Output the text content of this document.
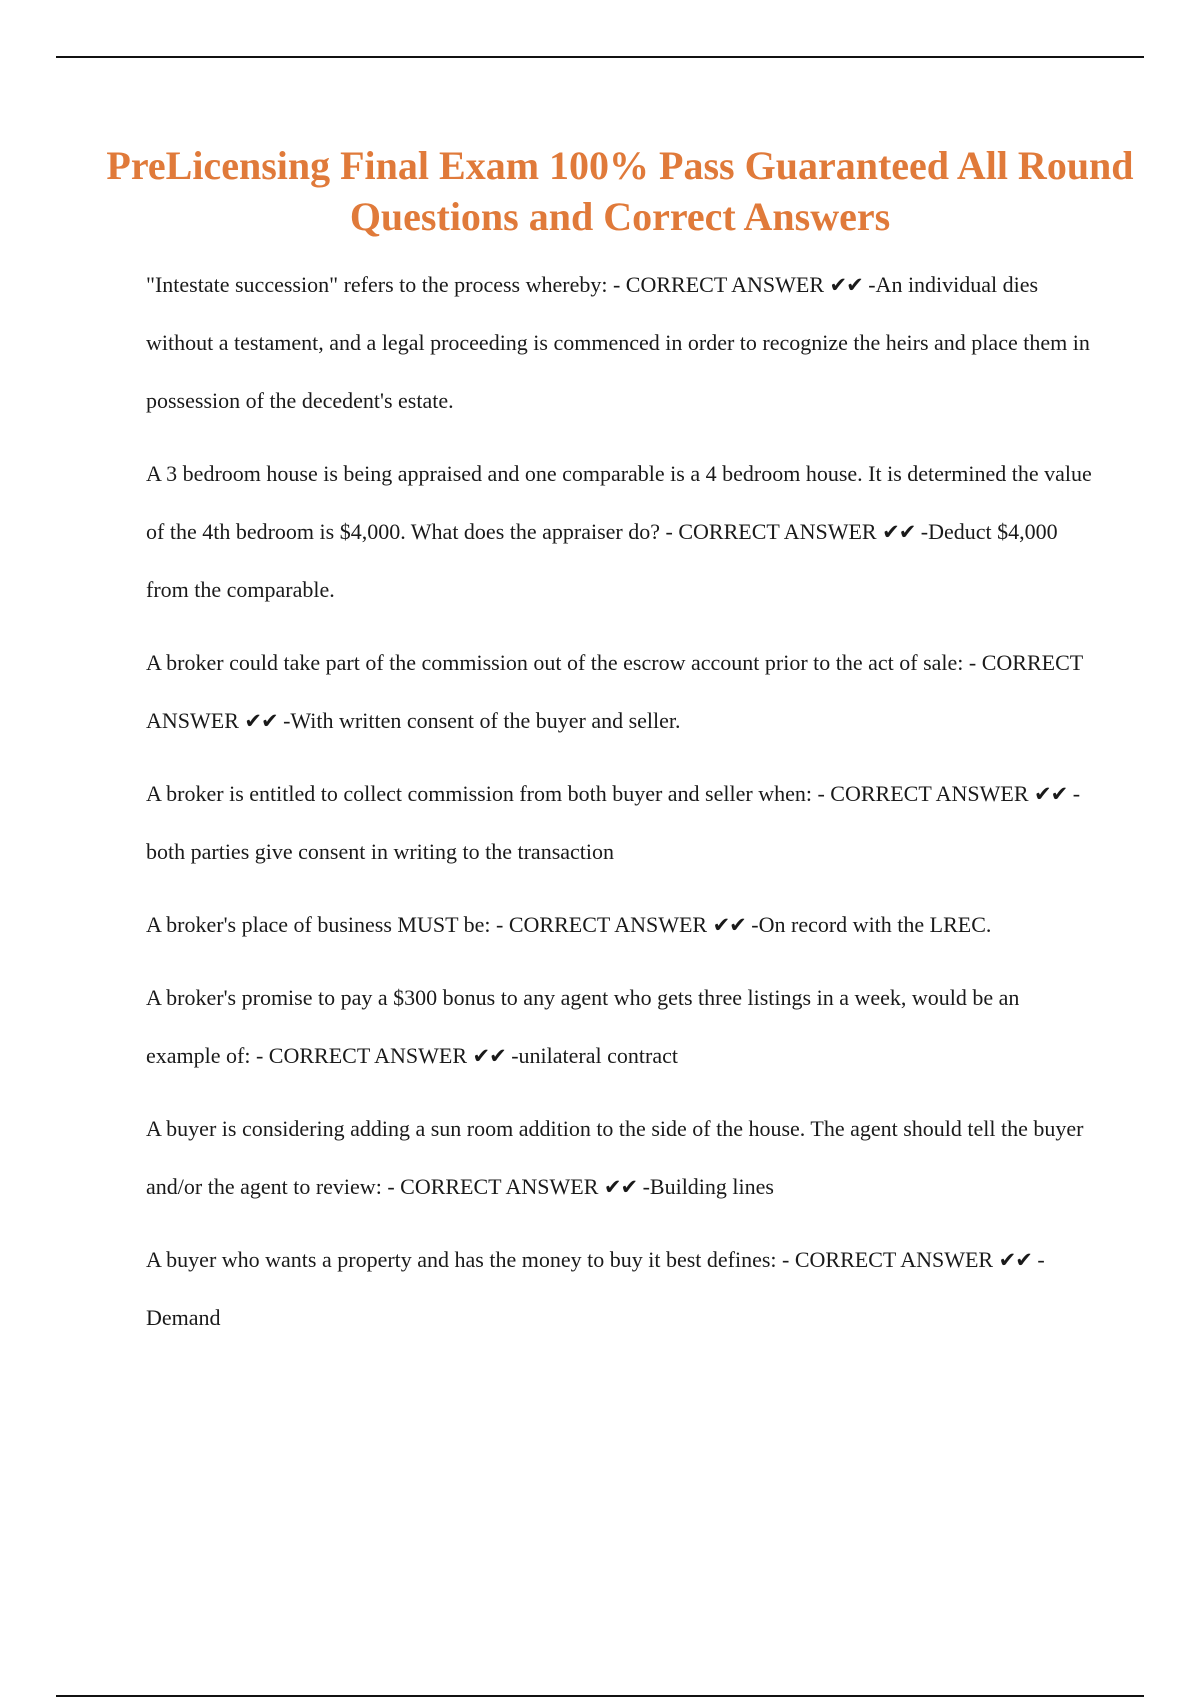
PreLicensing Final Exam 100% Pass Guaranteed All Round Questions and Correct Answers

"Intestate succession" refers to the process whereby: - CORRECT ANSWER ✔✔ -An individual dies without a testament, and a legal proceeding is commenced in order to recognize the heirs and place them in possession of the decedent's estate.

A 3 bedroom house is being appraised and one comparable is a 4 bedroom house. It is determined the value of the 4th bedroom is $4,000. What does the appraiser do? - CORRECT ANSWER ✔✔ -Deduct $4,000 from the comparable.

A broker could take part of the commission out of the escrow account prior to the act of sale: - CORRECT ANSWER ✔✔ -With written consent of the buyer and seller.

A broker is entitled to collect commission from both buyer and seller when: - CORRECT ANSWER ✔✔ -both parties give consent in writing to the transaction

A broker's place of business MUST be: - CORRECT ANSWER ✔✔ -On record with the LREC.

A broker's promise to pay a $300 bonus to any agent who gets three listings in a week, would be an example of: - CORRECT ANSWER ✔✔ -unilateral contract

A buyer is considering adding a sun room addition to the side of the house. The agent should tell the buyer and/or the agent to review: - CORRECT ANSWER ✔✔ -Building lines

A buyer who wants a property and has the money to buy it best defines: - CORRECT ANSWER ✔✔ -Demand
